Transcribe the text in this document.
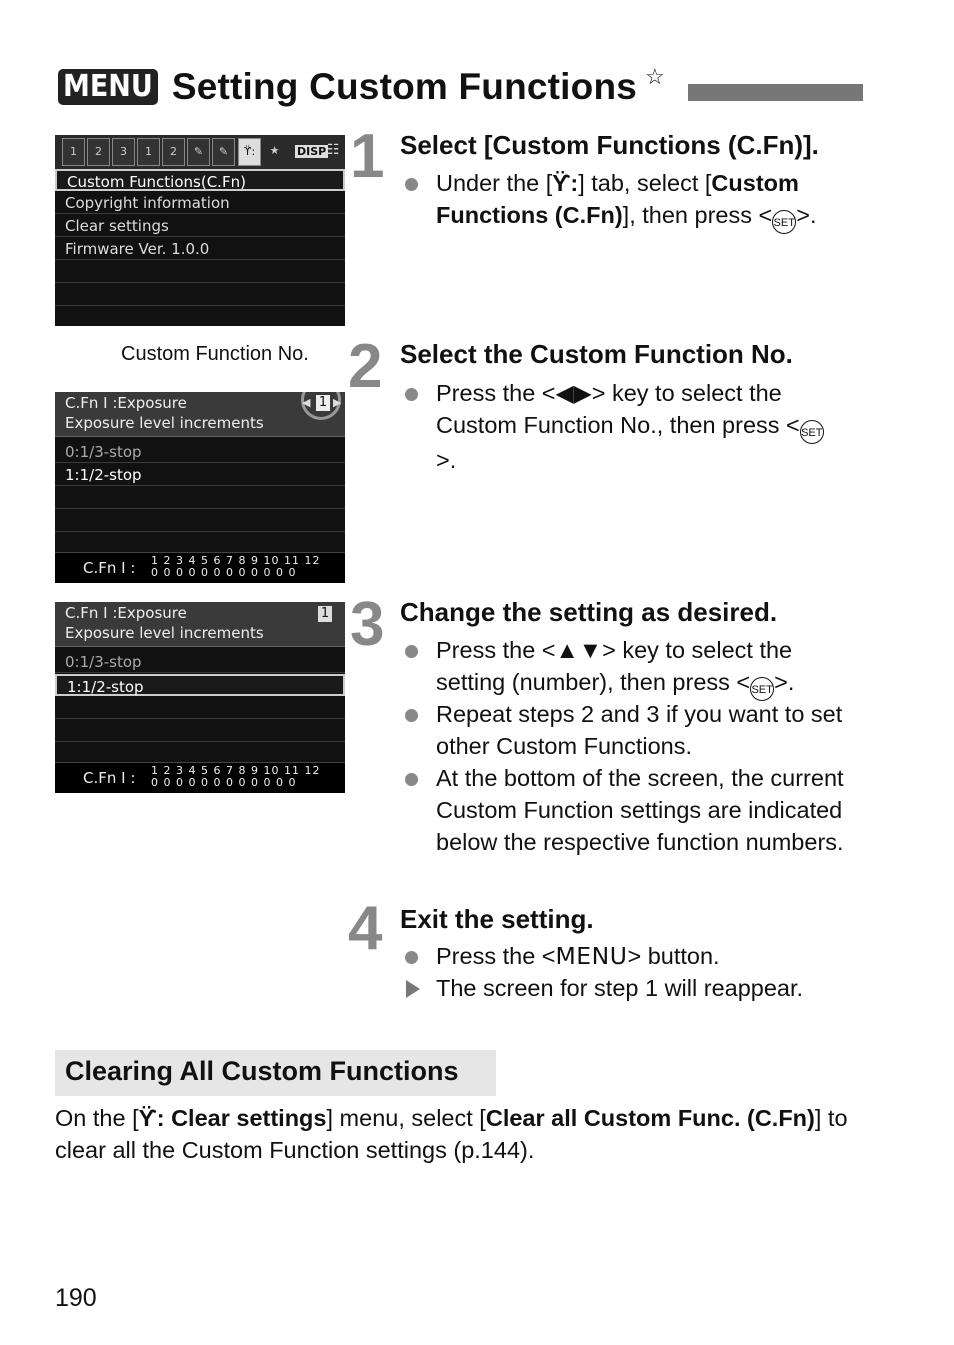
MENU Setting Custom Functions ☆
1	2	3	1	2	✎	✎	ϔ:	★	DISP ☷
Custom Functions(C.Fn)
Copyright information
Clear settings
Firmware Ver. 1.0.0
Custom Function No.
C.Fn I :Exposure
Exposure level increments
◀ 1 ▶
0:1/3-stop
1:1/2-stop
C.Fn I : 1 2 3 4 5 6 7 8 9 10 11 12
0 0 0 0 0 0 0 0 0 0 0 0
C.Fn I :Exposure
Exposure level increments
1
0:1/3-stop
1:1/2-stop
C.Fn I : 1 2 3 4 5 6 7 8 9 10 11 12
0 0 0 0 0 0 0 0 0 0 0 0
1 Select [Custom Functions (C.Fn)].
Under the [ϔ:] tab, select [Custom Functions (C.Fn)], then press <SET>.
2 Select the Custom Function No.
Press the <◀▶> key to select the Custom Function No., then press <SET>.
3 Change the setting as desired.
Press the <▲▼> key to select the setting (number), then press <SET>.
Repeat steps 2 and 3 if you want to set other Custom Functions.
At the bottom of the screen, the current Custom Function settings are indicated below the respective function numbers.
4 Exit the setting.
Press the <MENU> button.
The screen for step 1 will reappear.
Clearing All Custom Functions
On the [ϔ: Clear settings] menu, select [Clear all Custom Func. (C.Fn)] to clear all the Custom Function settings (p.144).
190
